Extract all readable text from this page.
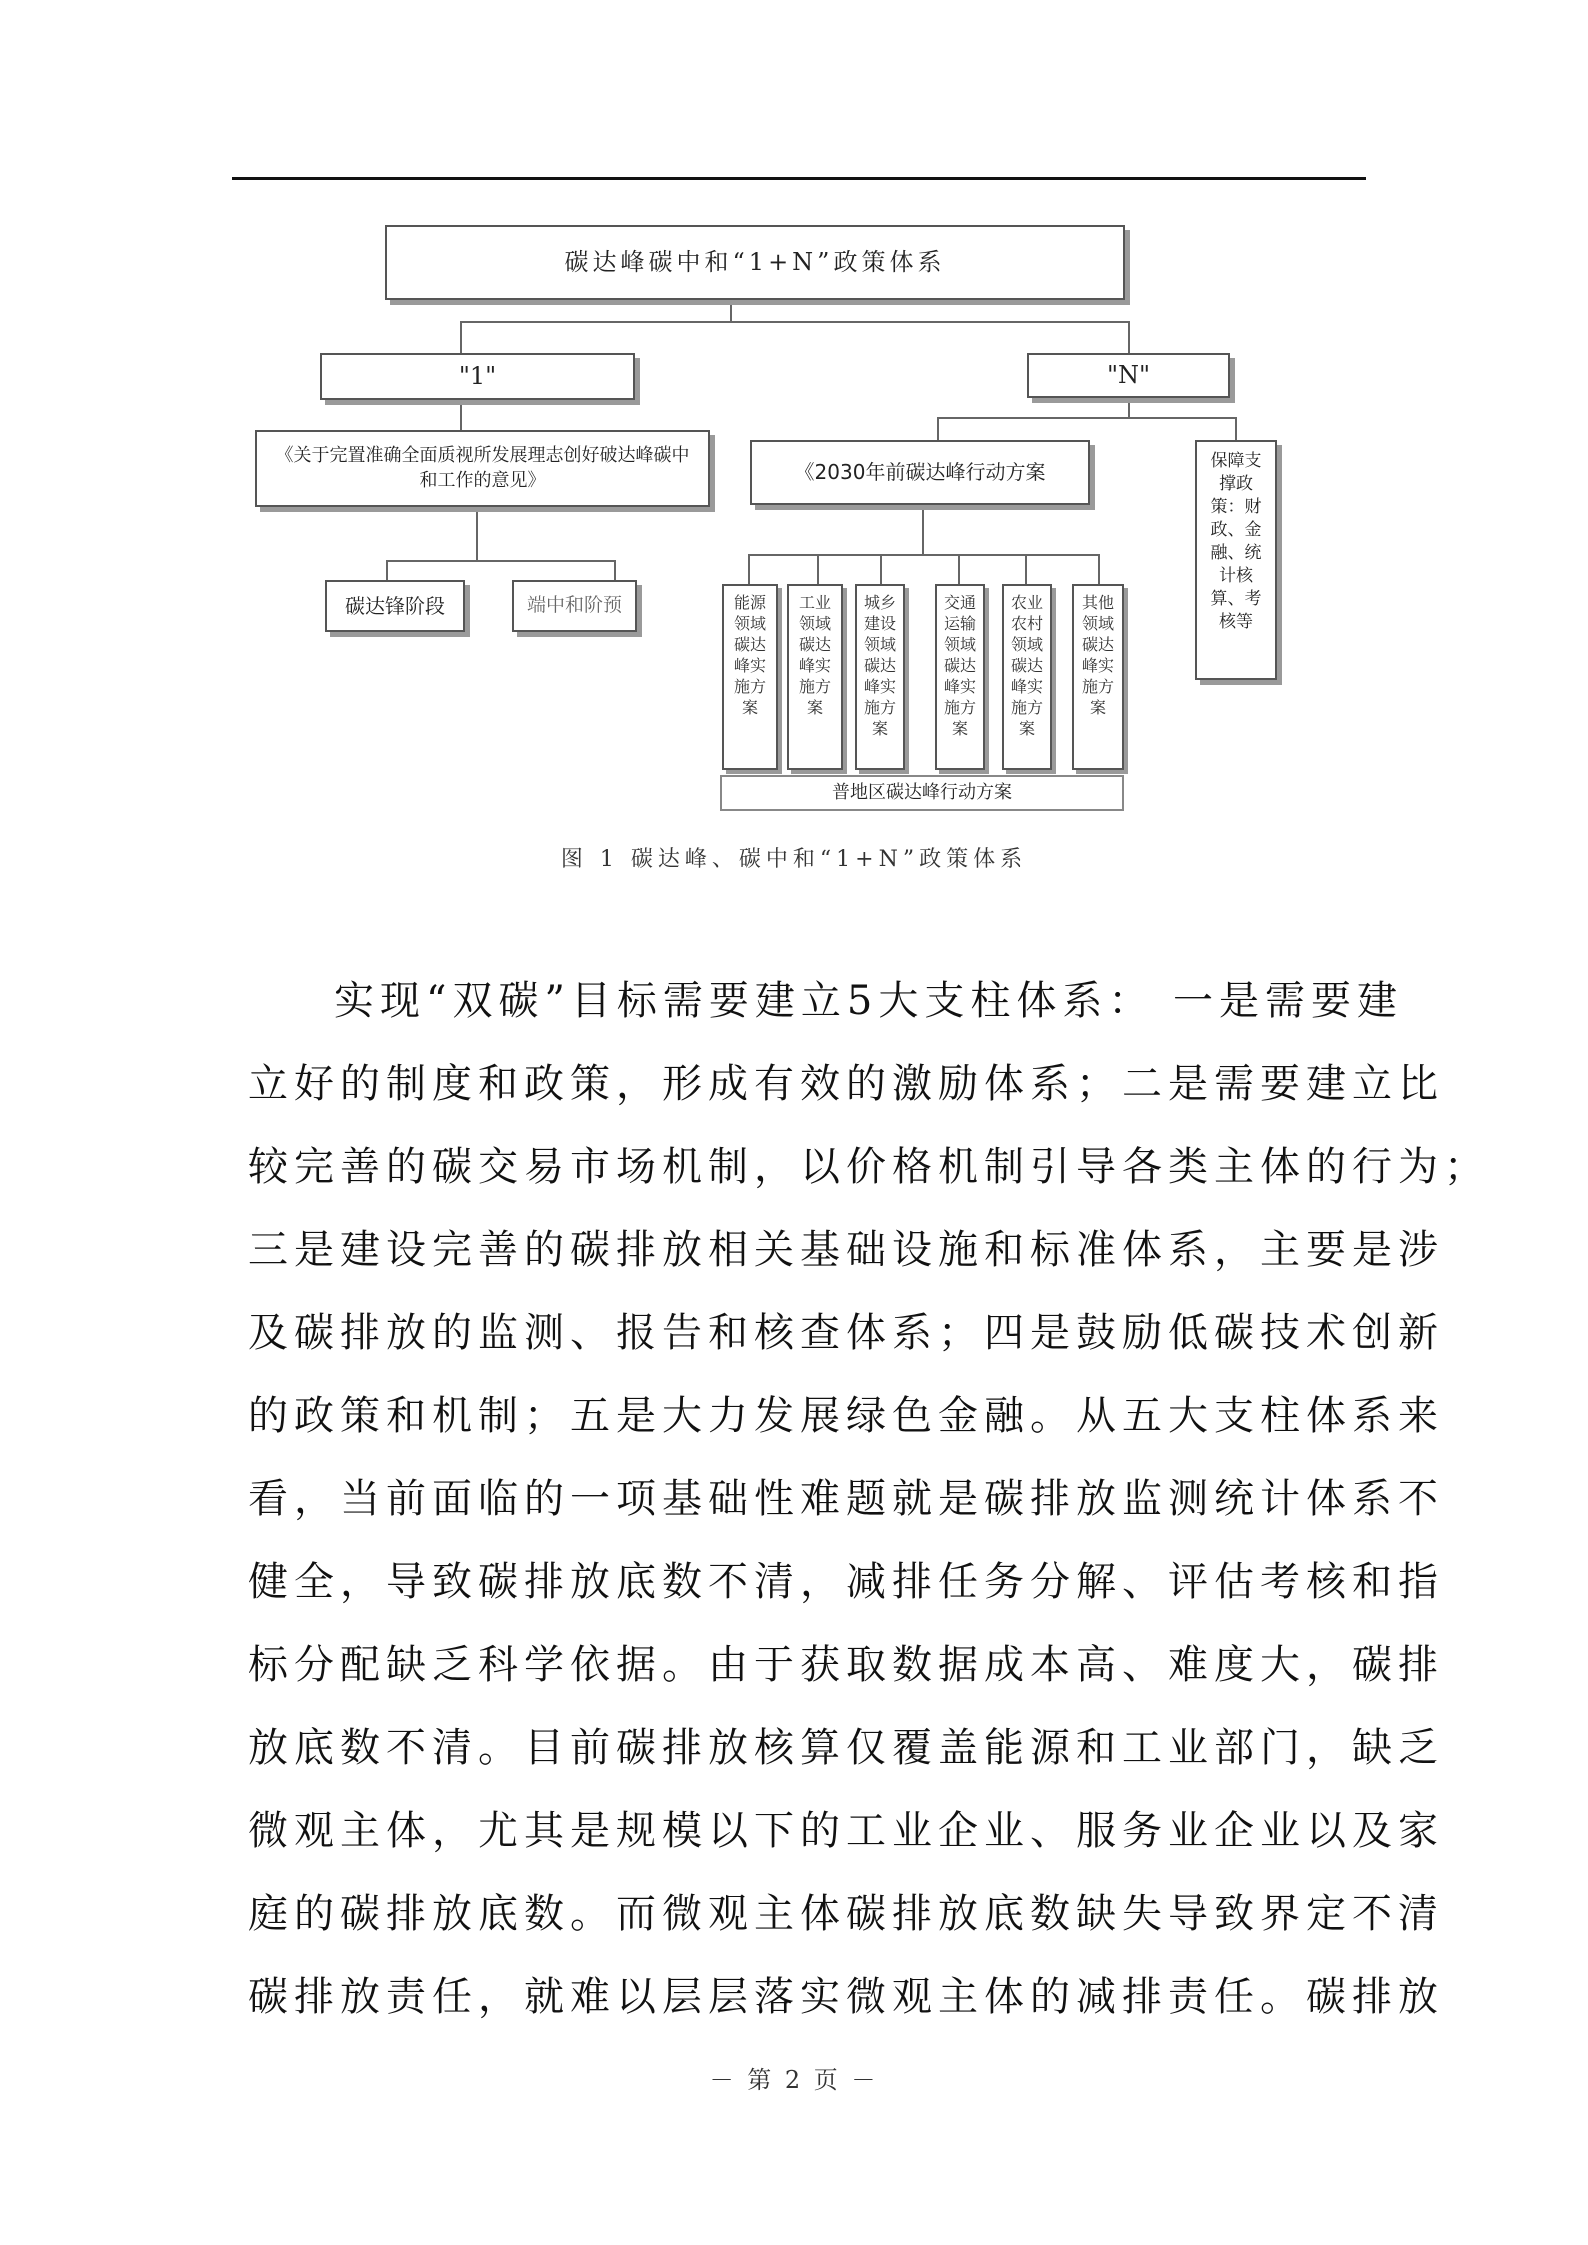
碳达峰碳中和“1+N”政策体系
"1"	"N"
《关于完置准确全面质视所发展理志创好破达峰碳中和工作的意见》	《2030年前碳达峰行动方案	保障支撑政策：财政、金融、统计核算、考核等
碳达锋阶段	端中和阶预	能源领域碳达峰实施方案
工业领域碳达峰实施方案
城乡建设领域碳达峰实施方案
交通运输领域碳达峰实施方案
农业农村领域碳达峰实施方案
其他领域碳达峰实施方案
普地区碳达峰行动方案
图 1 碳达峰、碳中和“1+N”政策体系

实现“双碳”目标需要建立5大支柱体系： 一是需要建

立好的制度和政策，形成有效的激励体系；二是需要建立比

较完善的碳交易市场机制，以价格机制引导各类主体的行为；

三是建设完善的碳排放相关基础设施和标准体系，主要是涉

及碳排放的监测、报告和核查体系；四是鼓励低碳技术创新

的政策和机制；五是大力发展绿色金融。从五大支柱体系来

看，当前面临的一项基础性难题就是碳排放监测统计体系不

健全，导致碳排放底数不清，减排任务分解、评估考核和指

标分配缺乏科学依据。由于获取数据成本高、难度大，碳排

放底数不清。目前碳排放核算仅覆盖能源和工业部门，缺乏

微观主体，尤其是规模以下的工业企业、服务业企业以及家

庭的碳排放底数。而微观主体碳排放底数缺失导致界定不清

碳排放责任，就难以层层落实微观主体的减排责任。碳排放

－ 第 2 页 －
